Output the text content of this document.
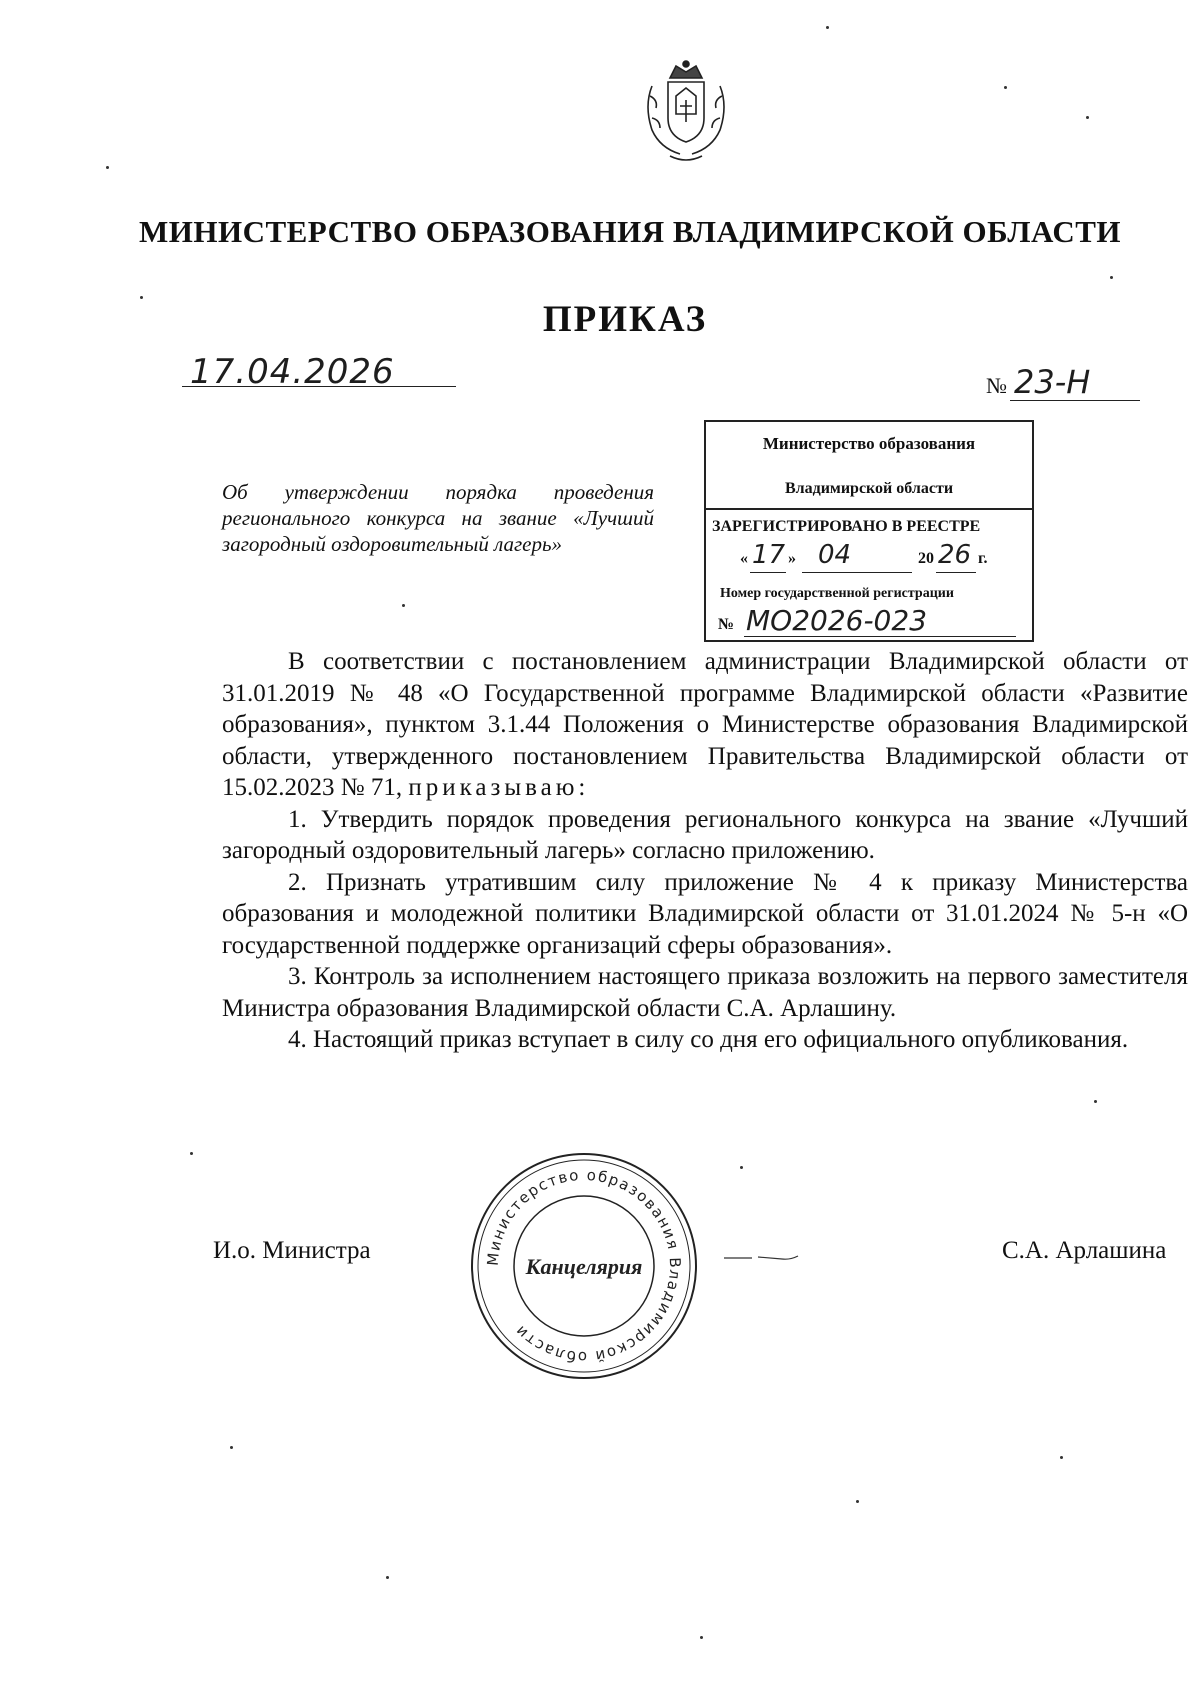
МИНИСТЕРСТВО ОБРАЗОВАНИЯ ВЛАДИМИРСКОЙ ОБЛАСТИ
ПРИКАЗ
17.04.2026	№ 23-Н
Об утверждении порядка проведения регионального конкурса на звание «Лучший загородный оздоровительный лагерь»
Министерство образования
Владимирской области
ЗАРЕГИСТРИРОВАНО В РЕЕСТРЕ
« 17 » 04	20 26 г.
Номер государственной регистрации
№ МО2026-023

В соответствии с постановлением администрации Владимирской области от 31.01.2019 № 48 «О Государственной программе Владимирской области «Развитие образования», пунктом 3.1.44 Положения о Министерстве образования Владимирской области, утвержденного постановлением Правительства Владимирской области от 15.02.2023 № 71, приказываю:

1. Утвердить порядок проведения регионального конкурса на звание «Лучший загородный оздоровительный лагерь» согласно приложению.

2. Признать утратившим силу приложение № 4 к приказу Министерства образования и молодежной политики Владимирской области от 31.01.2024 № 5-н «О государственной поддержке организаций сферы образования».

3. Контроль за исполнением настоящего приказа возложить на первого заместителя Министра образования Владимирской области С.А. Арлашину.

4. Настоящий приказ вступает в силу со дня его официального опубликования.

И.о. Министра	С.А. Арлашина
Министерство образования Владимирской области
Канцелярия
